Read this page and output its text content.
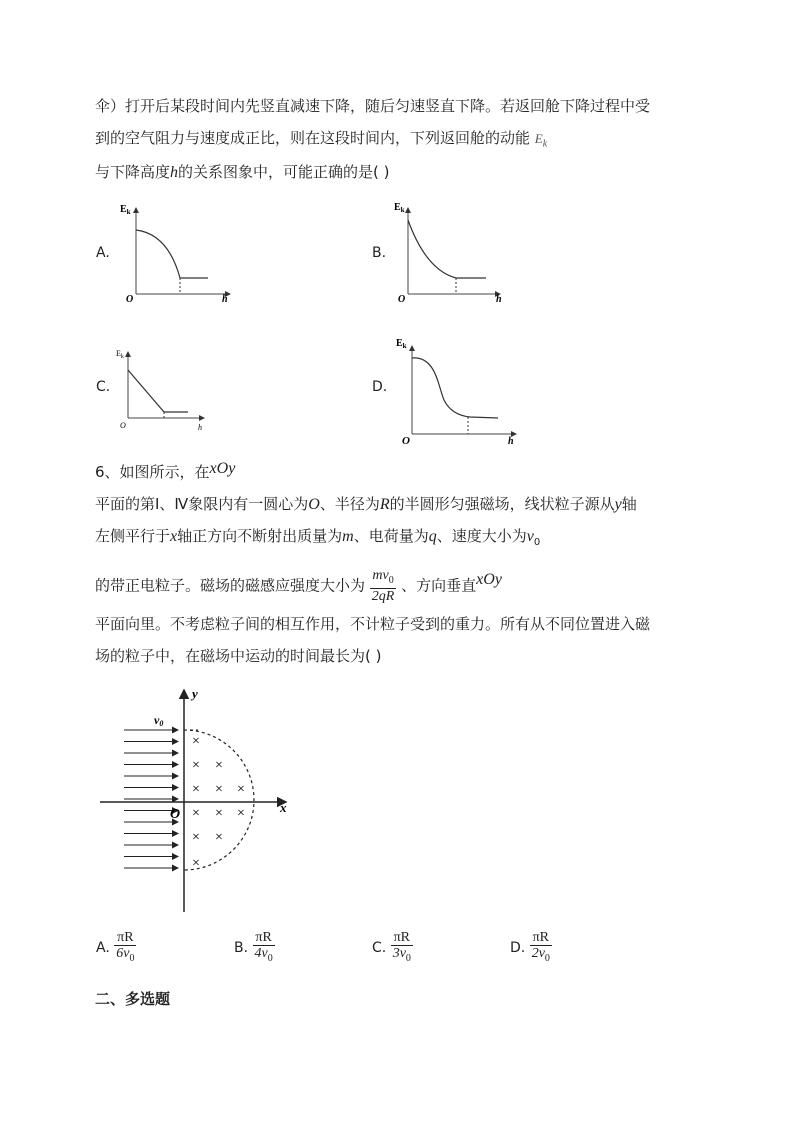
伞）打开后某段时间内先竖直减速下降，随后匀速竖直下降。若返回舱下降过程中受
到的空气阻力与速度成正比，则在这段时间内，下列返回舱的动能 $E_k$
与下降高度h的关系图象中，可能正确的是( )
A.	B.
C.	D.
$E_k$
O	h
$E_k$
O	h
$E_k$
O	h
$E_k$
O	h
6、如图所示，在xOy
平面的第Ⅰ、Ⅳ象限内有一圆心为O、半径为R的半圆形匀强磁场，线状粒子源从y轴
左侧平行于x轴正方向不断射出质量为m、电荷量为q、速度大小为$v_0$
的带正电粒子。磁场的磁感应强度大小为 $\frac{mv_0}{2qR}$ 、方向垂直xOy
平面向里。不考虑粒子间的相互作用，不计粒子受到的重力。所有从不同位置进入磁
场的粒子中，在磁场中运动的时间最长为( )
×
× ×
× × ×
× × ×
× ×
×
y
x
O
v0
A. $\frac{\pi R}{6v_0}$	B. $\frac{\pi R}{4v_0}$	C. $\frac{\pi R}{3v_0}$	D. $\frac{\pi R}{2v_0}$
二、多选题
